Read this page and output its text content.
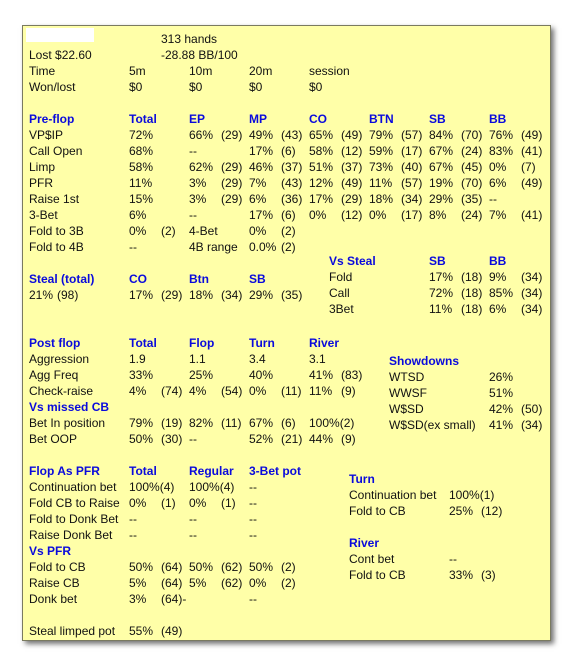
313 hands
Lost $22.60	-28.88 BB/100
Time	5m	10m	20m	session
Won/lost	$0	$0	$0	$0
Pre-flop	Total	EP	MP	CO	BTN	SB	BB
VP$IP	72%	66% (29) 49% (43) 65% (49) 79% (57) 84% (70) 76% (49)
Call Open	68%	--	17% (6) 58% (12) 59% (17) 67% (24) 83% (41)
Limp	58%	62% (29) 46% (37) 51% (37) 73% (40) 67% (45) 0% (7)
PFR	11%	3% (29) 7% (43) 12% (49) 11% (57) 19% (70) 6% (49)
Raise 1st	15%	3% (29) 6% (36) 17% (29) 18% (34) 29% (35) --
3-Bet	6%	--	17% (6) 0% (12) 0% (17) 8% (24) 7% (41)
Fold to 3B	0% (2) 4-Bet	0% (2)
Fold to 4B	--	4B range 0.0% (2)
Steal (total)	CO	Btn	SB
21% (98)	17% (29) 18% (34) 29% (35)
Vs Steal	SB	BB
Fold	17% (18) 9% (34)
Call	72% (18) 85% (34)
3Bet	11% (18) 6% (34)
Post flop	Total	Flop	Turn	River
Aggression	1.9	1.1	3.4	3.1
Agg Freq	33%	25%	40%	41% (83)
Check-raise	4% (74) 4% (54) 0% (11) 11% (9)
Vs missed CB
Bet In position 79% (19) 82% (11) 67% (6) 100%(2)
Bet OOP	50% (30) --	52% (21) 44% (9)
Showdowns
WTSD	26%
WWSF	51%
W$SD	42% (50)
W$SD(ex small) 41% (34)
Flop As PFR Total	Regular 3-Bet pot
Continuation bet 100%(4) 100%(4) --
Fold CB to Raise 0% (1) 0% (1) --
Fold to Donk Bet --	--	--
Raise Donk Bet --	--	--
Vs PFR
Fold to CB	50% (64) 50% (62) 50% (2)
Raise CB	5% (64) 5% (62) 0% (2)
Donk bet	3% (64)-	--
Turn
Continuation bet 100%(1)
Fold to CB	25% (12)
River
Cont bet	--
Fold to CB	33% (3)
Steal limped pot 55% (49)
